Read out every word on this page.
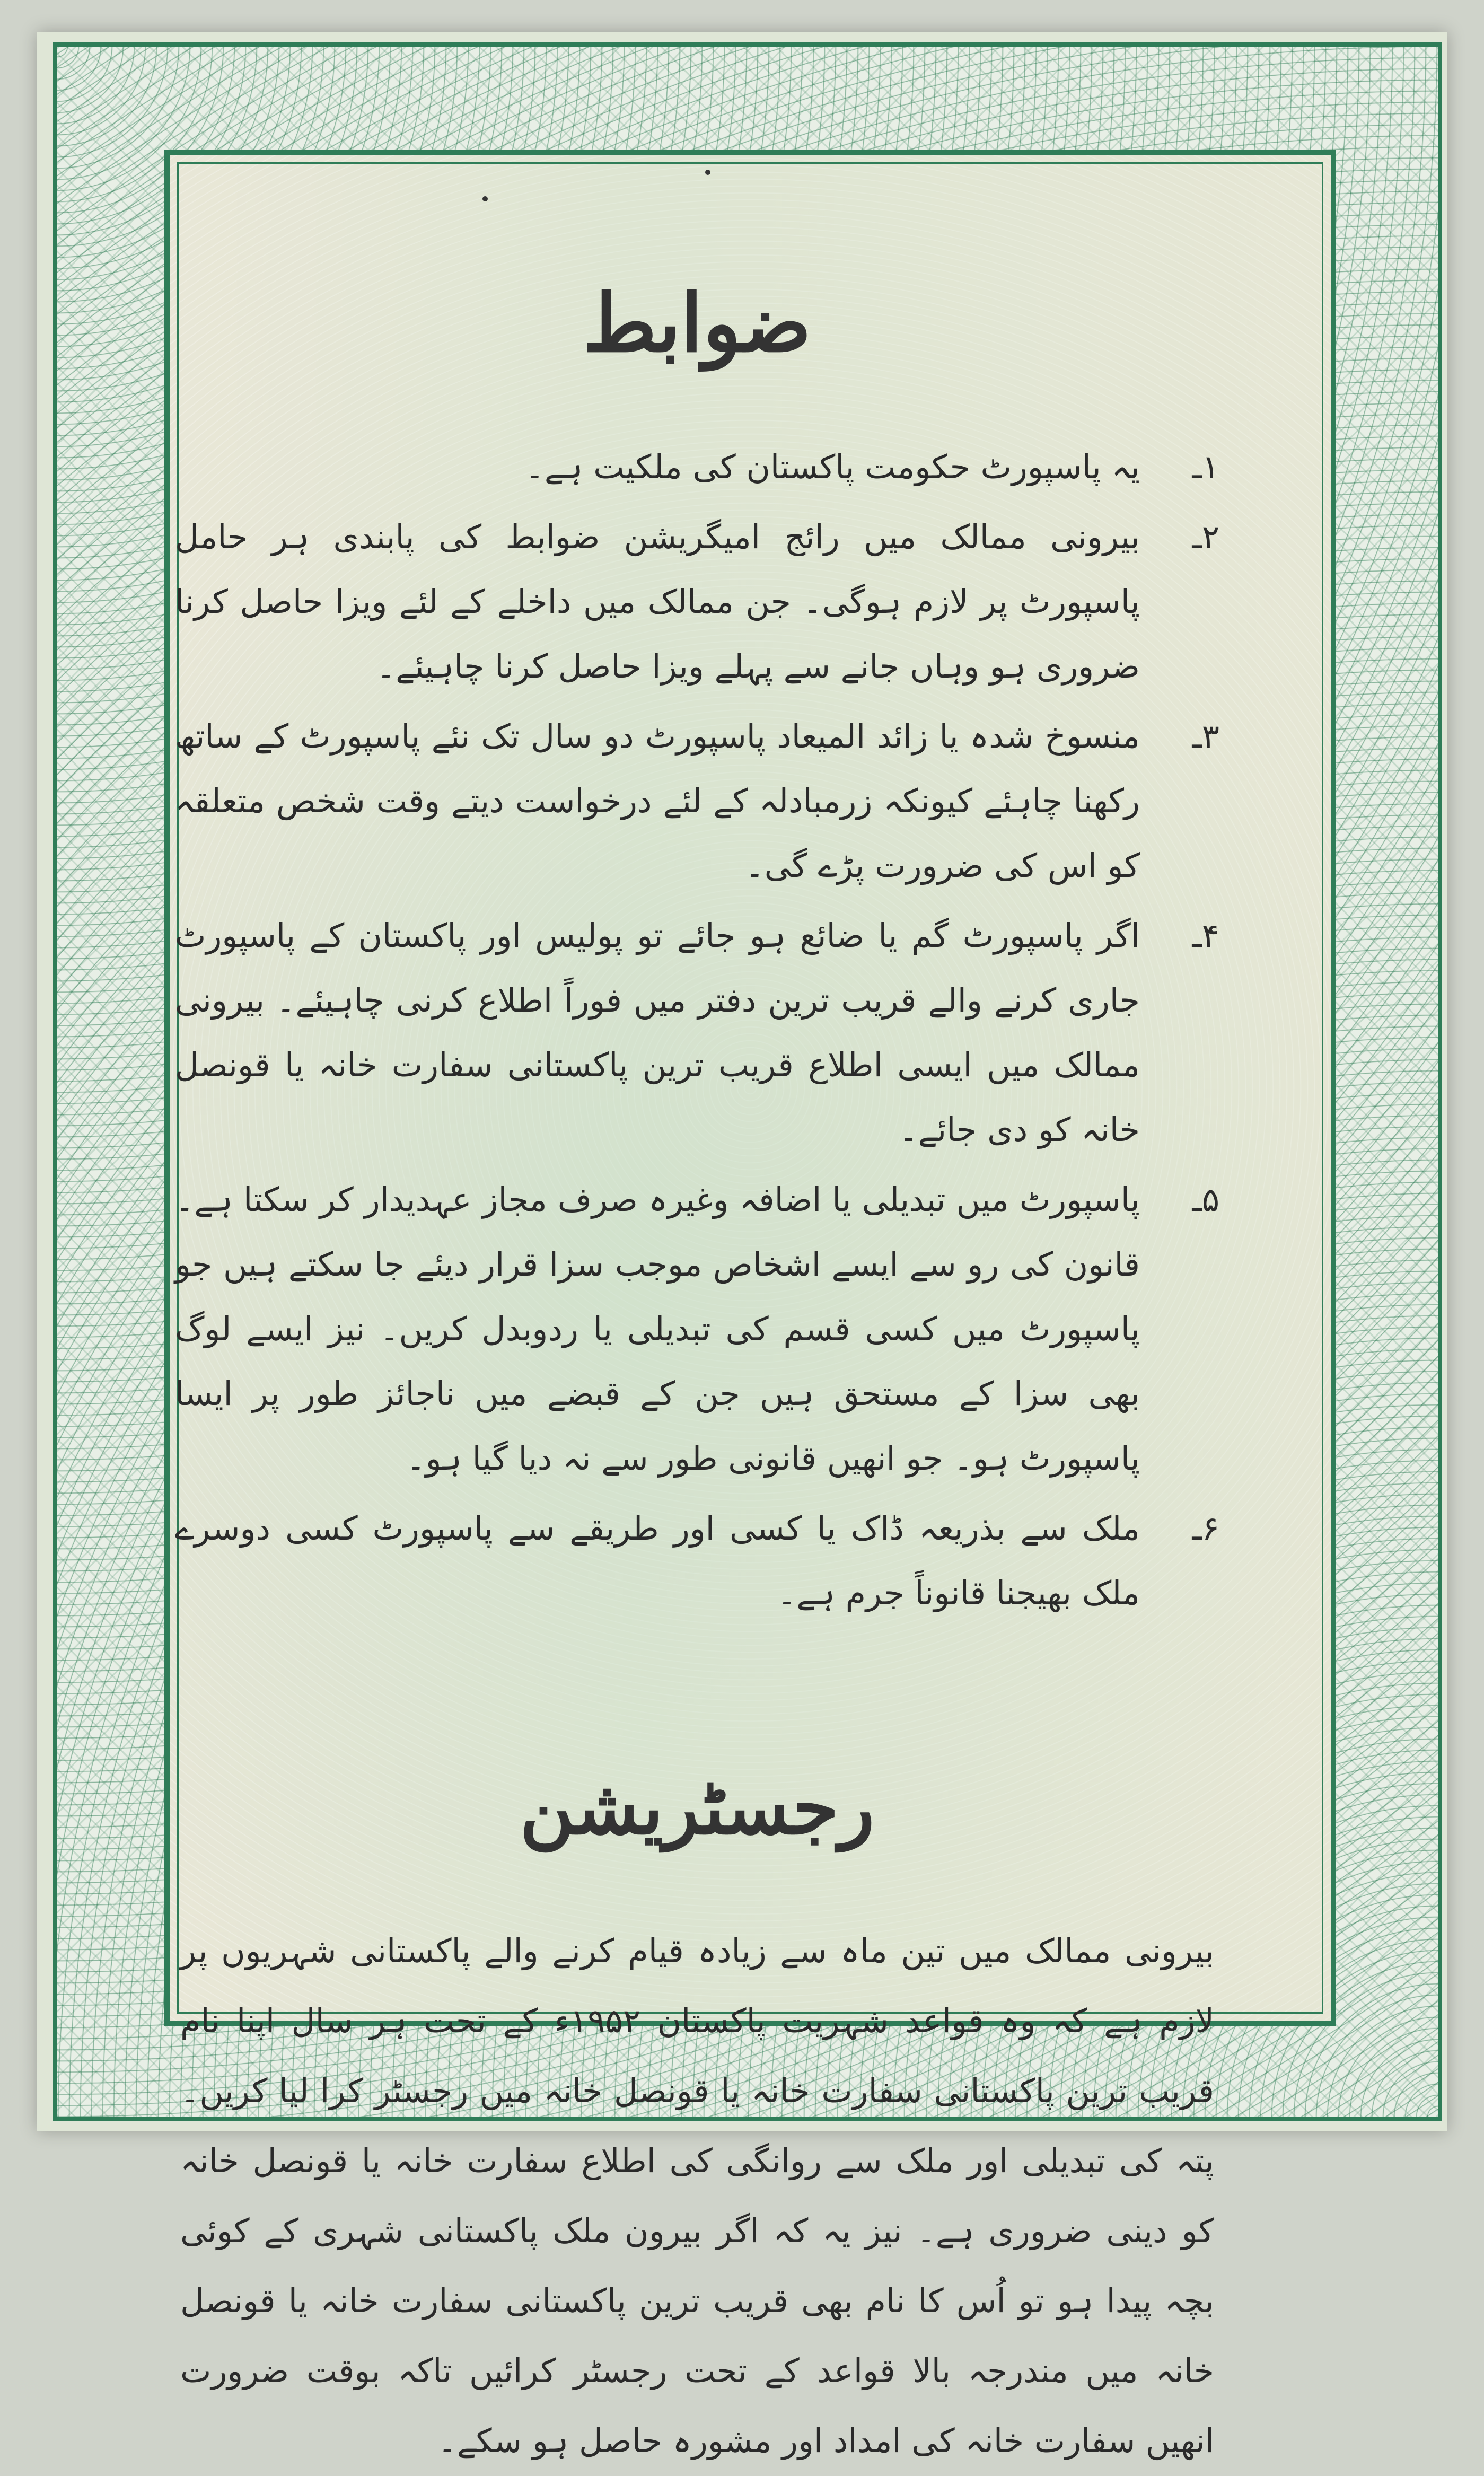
ضوابط
۱ـ
یہ پاسپورٹ حکومت پاکستان کی ملکیت ہے۔
۲ـ
بیرونی ممالک میں رائج امیگریشن ضوابط کی پابندی ہر حامل پاسپورٹ پر لازم ہوگی۔ جن ممالک میں داخلے کے لئے ویزا حاصل کرنا ضروری ہو وہاں جانے سے پہلے ویزا حاصل کرنا چاہیئے۔
۳ـ
منسوخ شدہ یا زائد المیعاد پاسپورٹ دو سال تک نئے پاسپورٹ کے ساتھ رکھنا چاہئے کیونکہ زرمبادلہ کے لئے درخواست دیتے وقت شخص متعلقہ کو اس کی ضرورت پڑے گی۔
۴ـ
اگر پاسپورٹ گم یا ضائع ہو جائے تو پولیس اور پاکستان کے پاسپورٹ جاری کرنے والے قریب ترین دفتر میں فوراً اطلاع کرنی چاہیئے۔ بیرونی ممالک میں ایسی اطلاع قریب ترین پاکستانی سفارت خانہ یا قونصل خانہ کو دی جائے۔
۵ـ
پاسپورٹ میں تبدیلی یا اضافہ وغیرہ صرف مجاز عہدیدار کر سکتا ہے۔ قانون کی رو سے ایسے اشخاص موجب سزا قرار دیئے جا سکتے ہیں جو پاسپورٹ میں کسی قسم کی تبدیلی یا ردوبدل کریں۔ نیز ایسے لوگ بھی سزا کے مستحق ہیں جن کے قبضے میں ناجائز طور پر ایسا پاسپورٹ ہو۔ جو انھیں قانونی طور سے نہ دیا گیا ہو۔
۶ـ
ملک سے بذریعہ ڈاک یا کسی اور طریقے سے پاسپورٹ کسی دوسرے ملک بھیجنا قانوناً جرم ہے۔
رجسٹریشن

بیرونی ممالک میں تین ماہ سے زیادہ قیام کرنے والے پاکستانی شہریوں پر لازم ہے کہ وہ قواعد شہریت پاکستان ۱۹۵۲ء کے تحت ہر سال اپنا نام قریب ترین پاکستانی سفارت خانہ یا قونصل خانہ میں رجسٹر کرا لیا کریں۔ پتہ کی تبدیلی اور ملک سے روانگی کی اطلاع سفارت خانہ یا قونصل خانہ کو دینی ضروری ہے۔ نیز یہ کہ اگر بیرون ملک پاکستانی شہری کے کوئی بچہ پیدا ہو تو اُس کا نام بھی قریب ترین پاکستانی سفارت خانہ یا قونصل خانہ میں مندرجہ بالا قواعد کے تحت رجسٹر کرائیں تاکہ بوقت ضرورت انھیں سفارت خانہ کی امداد اور مشورہ حاصل ہو سکے۔
